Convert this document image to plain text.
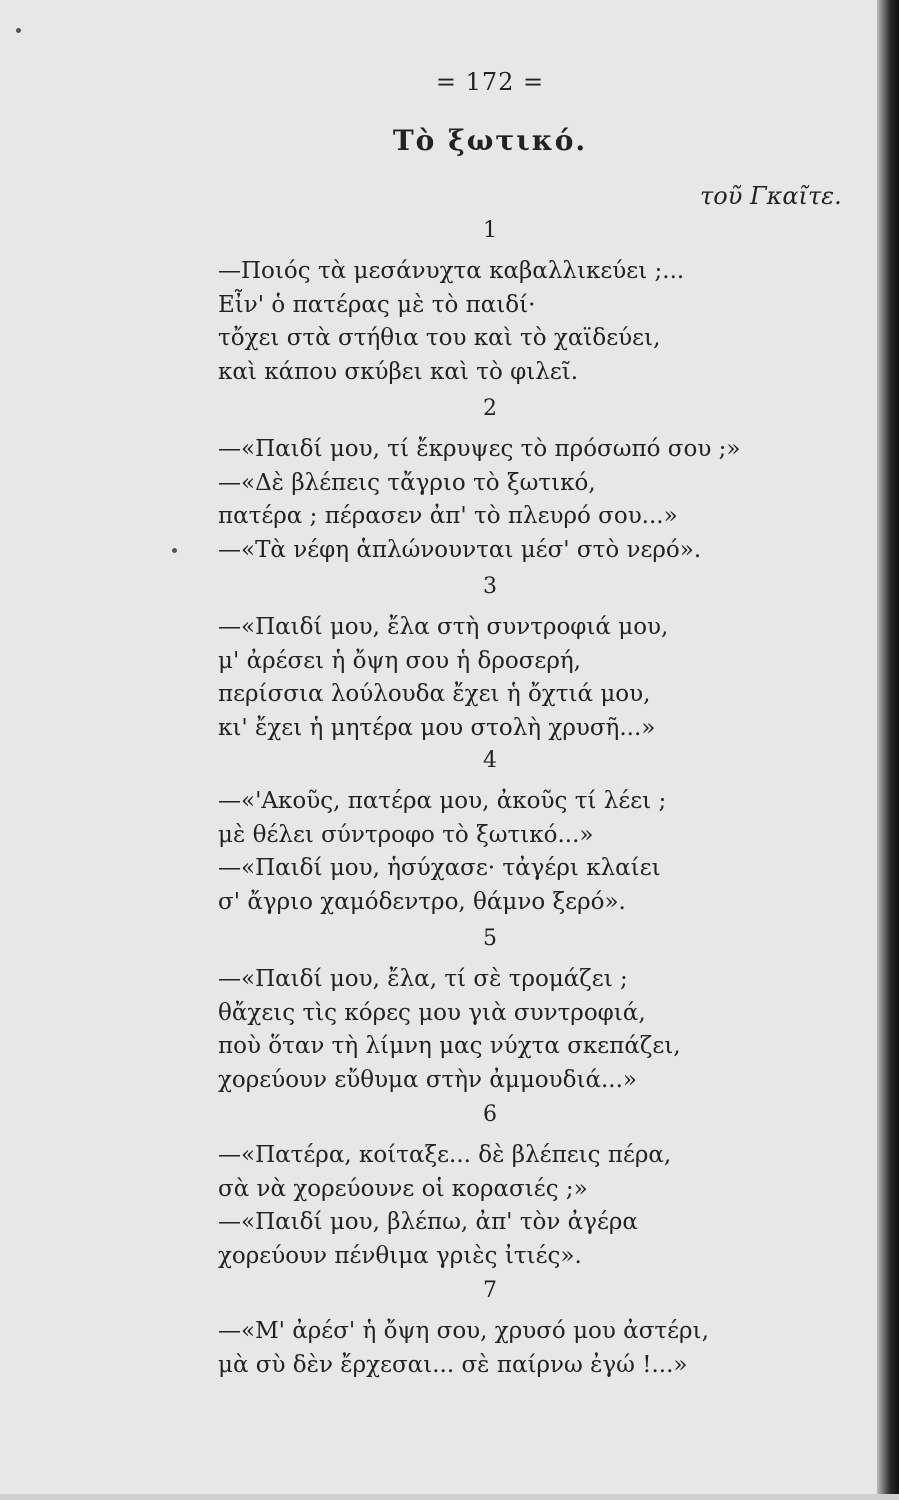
= 172 =
Τὸ ξωτικό.
τοῦ Γκαῖτε.
1
—Ποιός τὰ μεσάνυχτα καβαλλικεύει ;...
Εἶν' ὁ πατέρας μὲ τὸ παιδί·
τὄχει στὰ στήθια του καὶ τὸ χαϊδεύει,
καὶ κάπου σκύβει καὶ τὸ φιλεῖ.
2
—«Παιδί μου, τί ἔκρυψες τὸ πρόσωπό σου ;»
—«Δὲ βλέπεις τἄγριο τὸ ξωτικό,
πατέρα ; πέρασεν ἀπ' τὸ πλευρό σου...»
—«Τὰ νέφη ἁπλώνουνται μέσ' στὸ νερό».
3
—«Παιδί μου, ἔλα στὴ συντροφιά μου,
μ' ἀρέσει ἡ ὄψη σου ἡ δροσερή,
περίσσια λούλουδα ἔχει ἡ ὄχτιά μου,
κι' ἔχει ἡ μητέρα μου στολὴ χρυσῆ...»
4
—«'Ακοῦς, πατέρα μου, ἀκοῦς τί λέει ;
μὲ θέλει σύντροφο τὸ ξωτικό...»
—«Παιδί μου, ἡσύχασε· τἀγέρι κλαίει
σ' ἄγριο χαμόδεντρο, θάμνο ξερό».
5
—«Παιδί μου, ἔλα, τί σὲ τρομάζει ;
θἄχεις τὶς κόρες μου γιὰ συντροφιά,
ποὺ ὅταν τὴ λίμνη μας νύχτα σκεπάζει,
χορεύουν εὔθυμα στὴν ἀμμουδιά...»
6
—«Πατέρα, κοίταξε... δὲ βλέπεις πέρα,
σὰ νὰ χορεύουνε οἱ κορασιές ;»
—«Παιδί μου, βλέπω, ἀπ' τὸν ἀγέρα
χορεύουν πένθιμα γριὲς ἰτιές».
7
—«Μ' ἀρέσ' ἡ ὄψη σου, χρυσό μου ἀστέρι,
μὰ σὺ δὲν ἔρχεσαι... σὲ παίρνω ἐγώ !...»
